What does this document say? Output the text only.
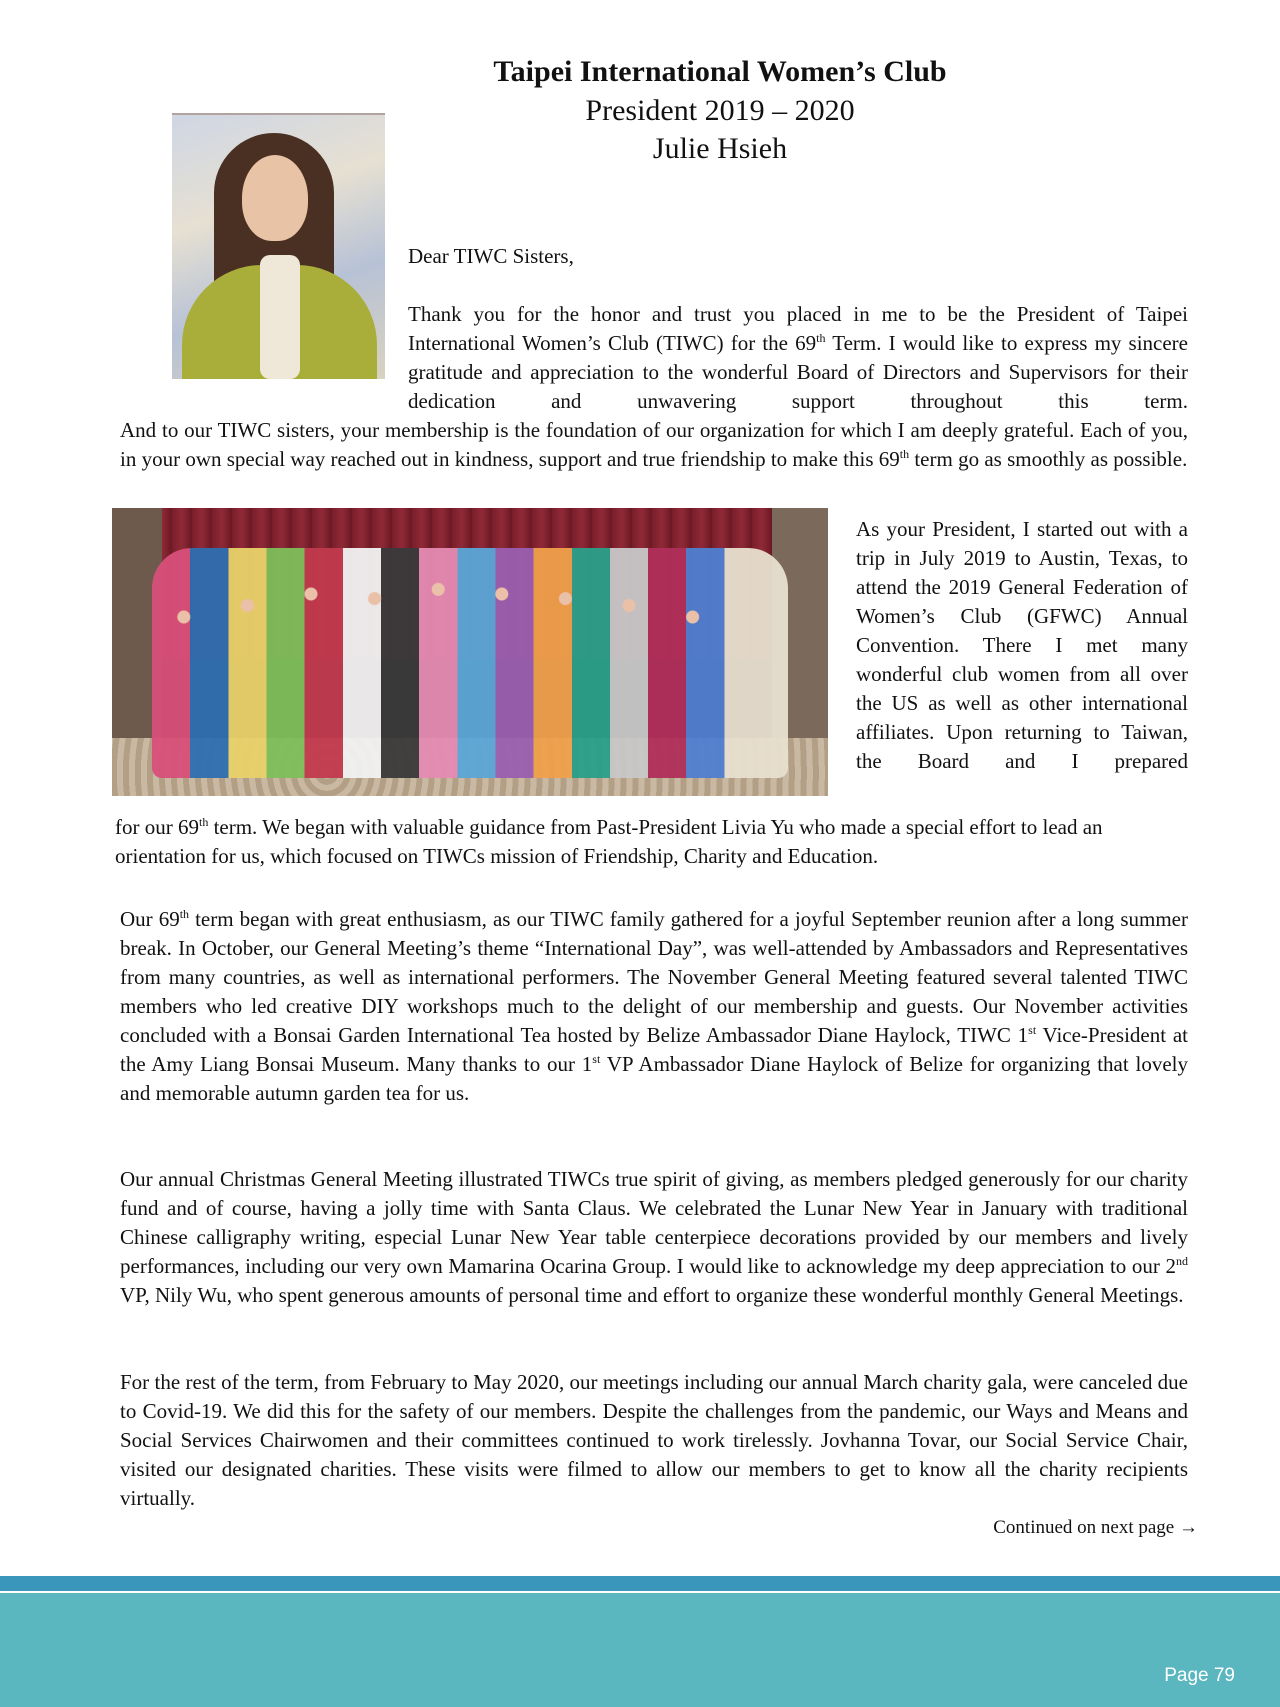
Taipei International Women’s Club
President 2019 – 2020
Julie Hsieh
Dear TIWC Sisters,
Thank you for the honor and trust you placed in me to be the President of Taipei International Women’s Club (TIWC) for the 69th Term. I would like to express my sincere gratitude and appreciation to the wonderful Board of Directors and Supervisors for their dedication and unwavering support throughout this term.
And to our TIWC sisters, your membership is the foundation of our organization for which I am deeply grateful. Each of you, in your own special way reached out in kindness, support and true friendship to make this 69th term go as smoothly as possible.
As your President, I started out with a trip in July 2019 to Austin, Texas, to attend the 2019 General Federation of Women’s Club (GFWC) Annual Convention. There I met many wonderful club women from all over the US as well as other international affiliates. Upon returning to Taiwan, the Board and I prepared
for our 69th term. We began with valuable guidance from Past-President Livia Yu who made a special effort to lead an orientation for us, which focused on TIWCs mission of Friendship, Charity and Education.
Our 69th term began with great enthusiasm, as our TIWC family gathered for a joyful September reunion after a long summer break. In October, our General Meeting’s theme “International Day”, was well-attended by Ambassadors and Representatives from many countries, as well as international performers. The November General Meeting featured several talented TIWC members who led creative DIY workshops much to the delight of our membership and guests. Our November activities concluded with a Bonsai Garden International Tea hosted by Belize Ambassador Diane Haylock, TIWC 1st Vice-President at the Amy Liang Bonsai Museum. Many thanks to our 1st VP Ambassador Diane Haylock of Belize for organizing that lovely and memorable autumn garden tea for us.
Our annual Christmas General Meeting illustrated TIWCs true spirit of giving, as members pledged generously for our charity fund and of course, having a jolly time with Santa Claus. We celebrated the Lunar New Year in January with traditional Chinese calligraphy writing, especial Lunar New Year table centerpiece decorations provided by our members and lively performances, including our very own Mamarina Ocarina Group. I would like to acknowledge my deep appreciation to our 2nd VP, Nily Wu, who spent generous amounts of personal time and effort to organize these wonderful monthly General Meetings.
For the rest of the term, from February to May 2020, our meetings including our annual March charity gala, were canceled due to Covid-19. We did this for the safety of our members. Despite the challenges from the pandemic, our Ways and Means and Social Services Chairwomen and their committees continued to work tirelessly. Jovhanna Tovar, our Social Service Chair, visited our designated charities. These visits were filmed to allow our members to get to know all the charity recipients virtually.
Continued on next page →
Page 79
